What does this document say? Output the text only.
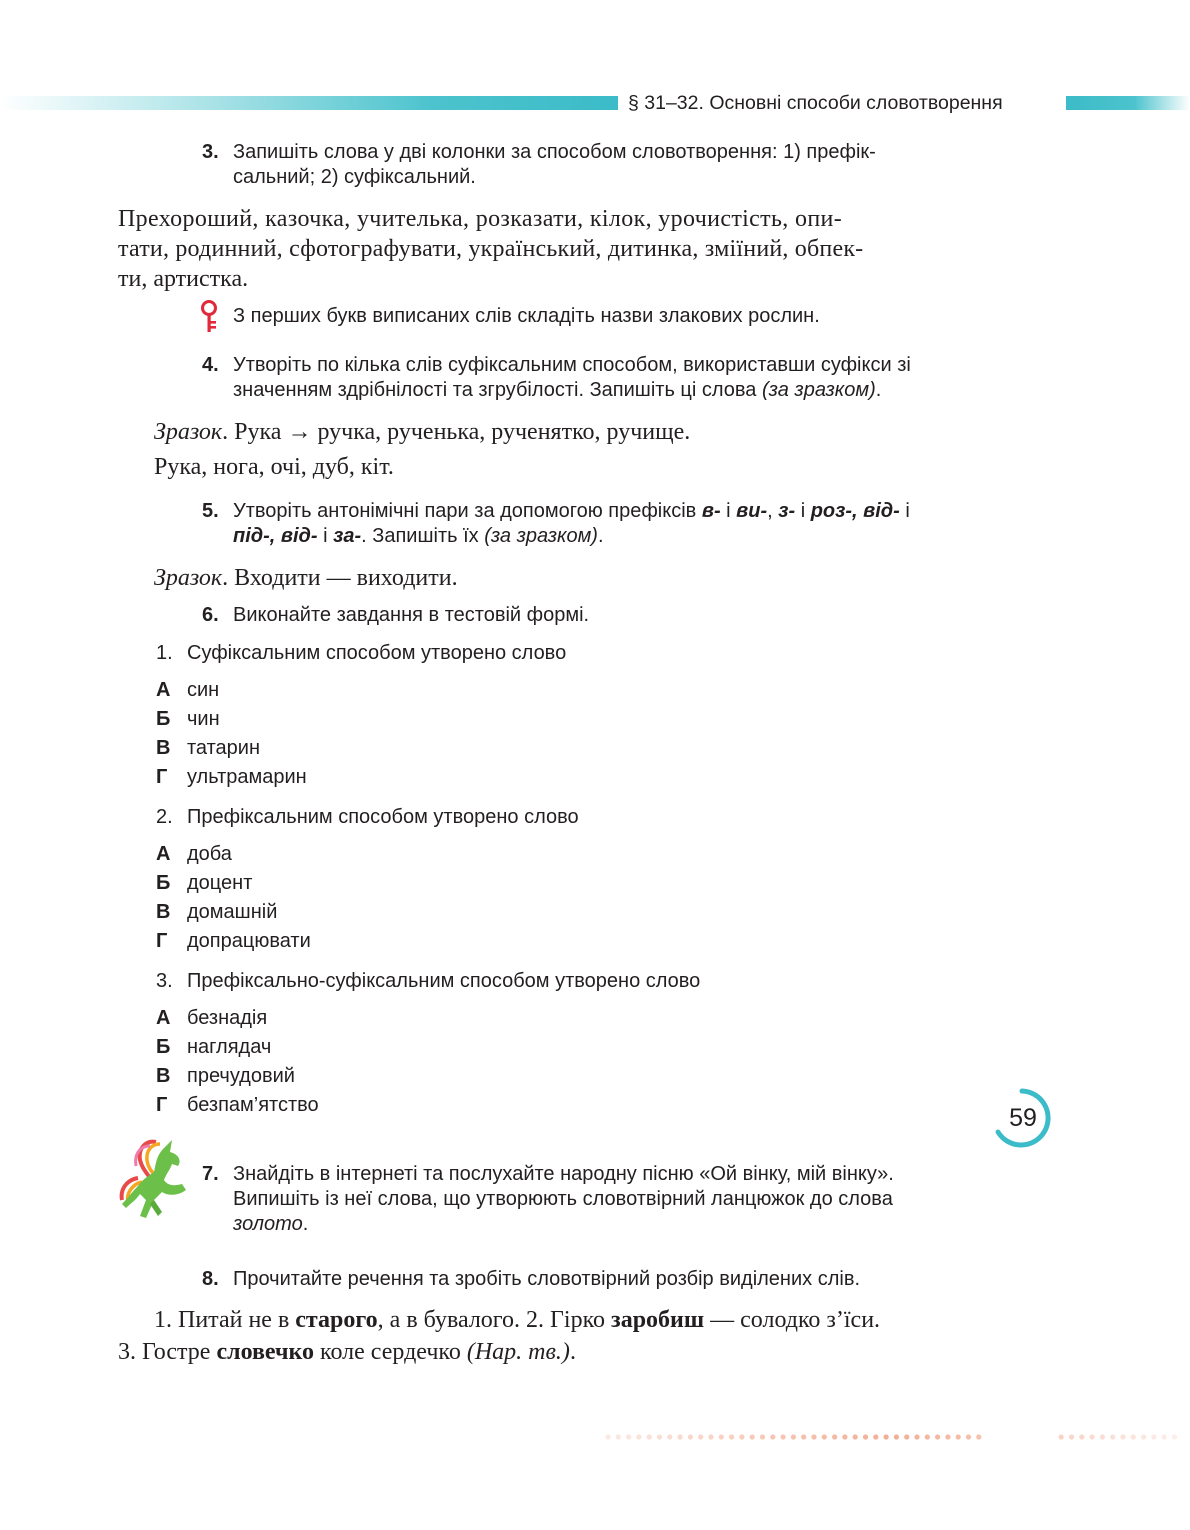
§ 31–32. Основні способи словотворення
3. Запишіть слова у дві колонки за способом словотворення: 1) префік-
сальний; 2) суфіксальний.
Прехороший, казочка, учителька, розказати, кілок, урочистість, опи-
тати, родинний, сфотографувати, український, дитинка, зміїний, обпек-
ти, артистка.
З перших букв виписаних слів складіть назви злакових рослин.
4. Утворіть по кілька слів суфіксальним способом, використавши суфікси зі
значенням здрібнілості та згрубілості. Запишіть ці слова (за зразком).
Зразок. Рука → ручка, рученька, рученятко, ручище.
Рука, нога, очі, дуб, кіт.
5. Утворіть антонімічні пари за допомогою префіксів в- і ви-, з- і роз-, від- і
під-, від- і за-. Запишіть їх (за зразком).
Зразок. Входити — виходити.
6. Виконайте завдання в тестовій формі.
1. Суфіксальним способом утворено слово
А син
Б чин
В татарин
Г ультрамарин
2. Префіксальним способом утворено слово
А доба
Б доцент
В домашній
Г допрацювати
3. Префіксально-суфіксальним способом утворено слово
А безнадія
Б наглядач
В пречудовий
Г безпам’ятство
7. Знайдіть в інтернеті та послухайте народну пісню «Ой вінку, мій вінку».
Випишіть із неї слова, що утворюють словотвірний ланцюжок до слова
золото.
8. Прочитайте речення та зробіть словотвірний розбір виділених слів.
1. Питай не в старого, а в бувалого. 2. Гірко заробиш — солодко з’їси.
3. Гостре словечко коле сердечко (Нар. тв.).
59
